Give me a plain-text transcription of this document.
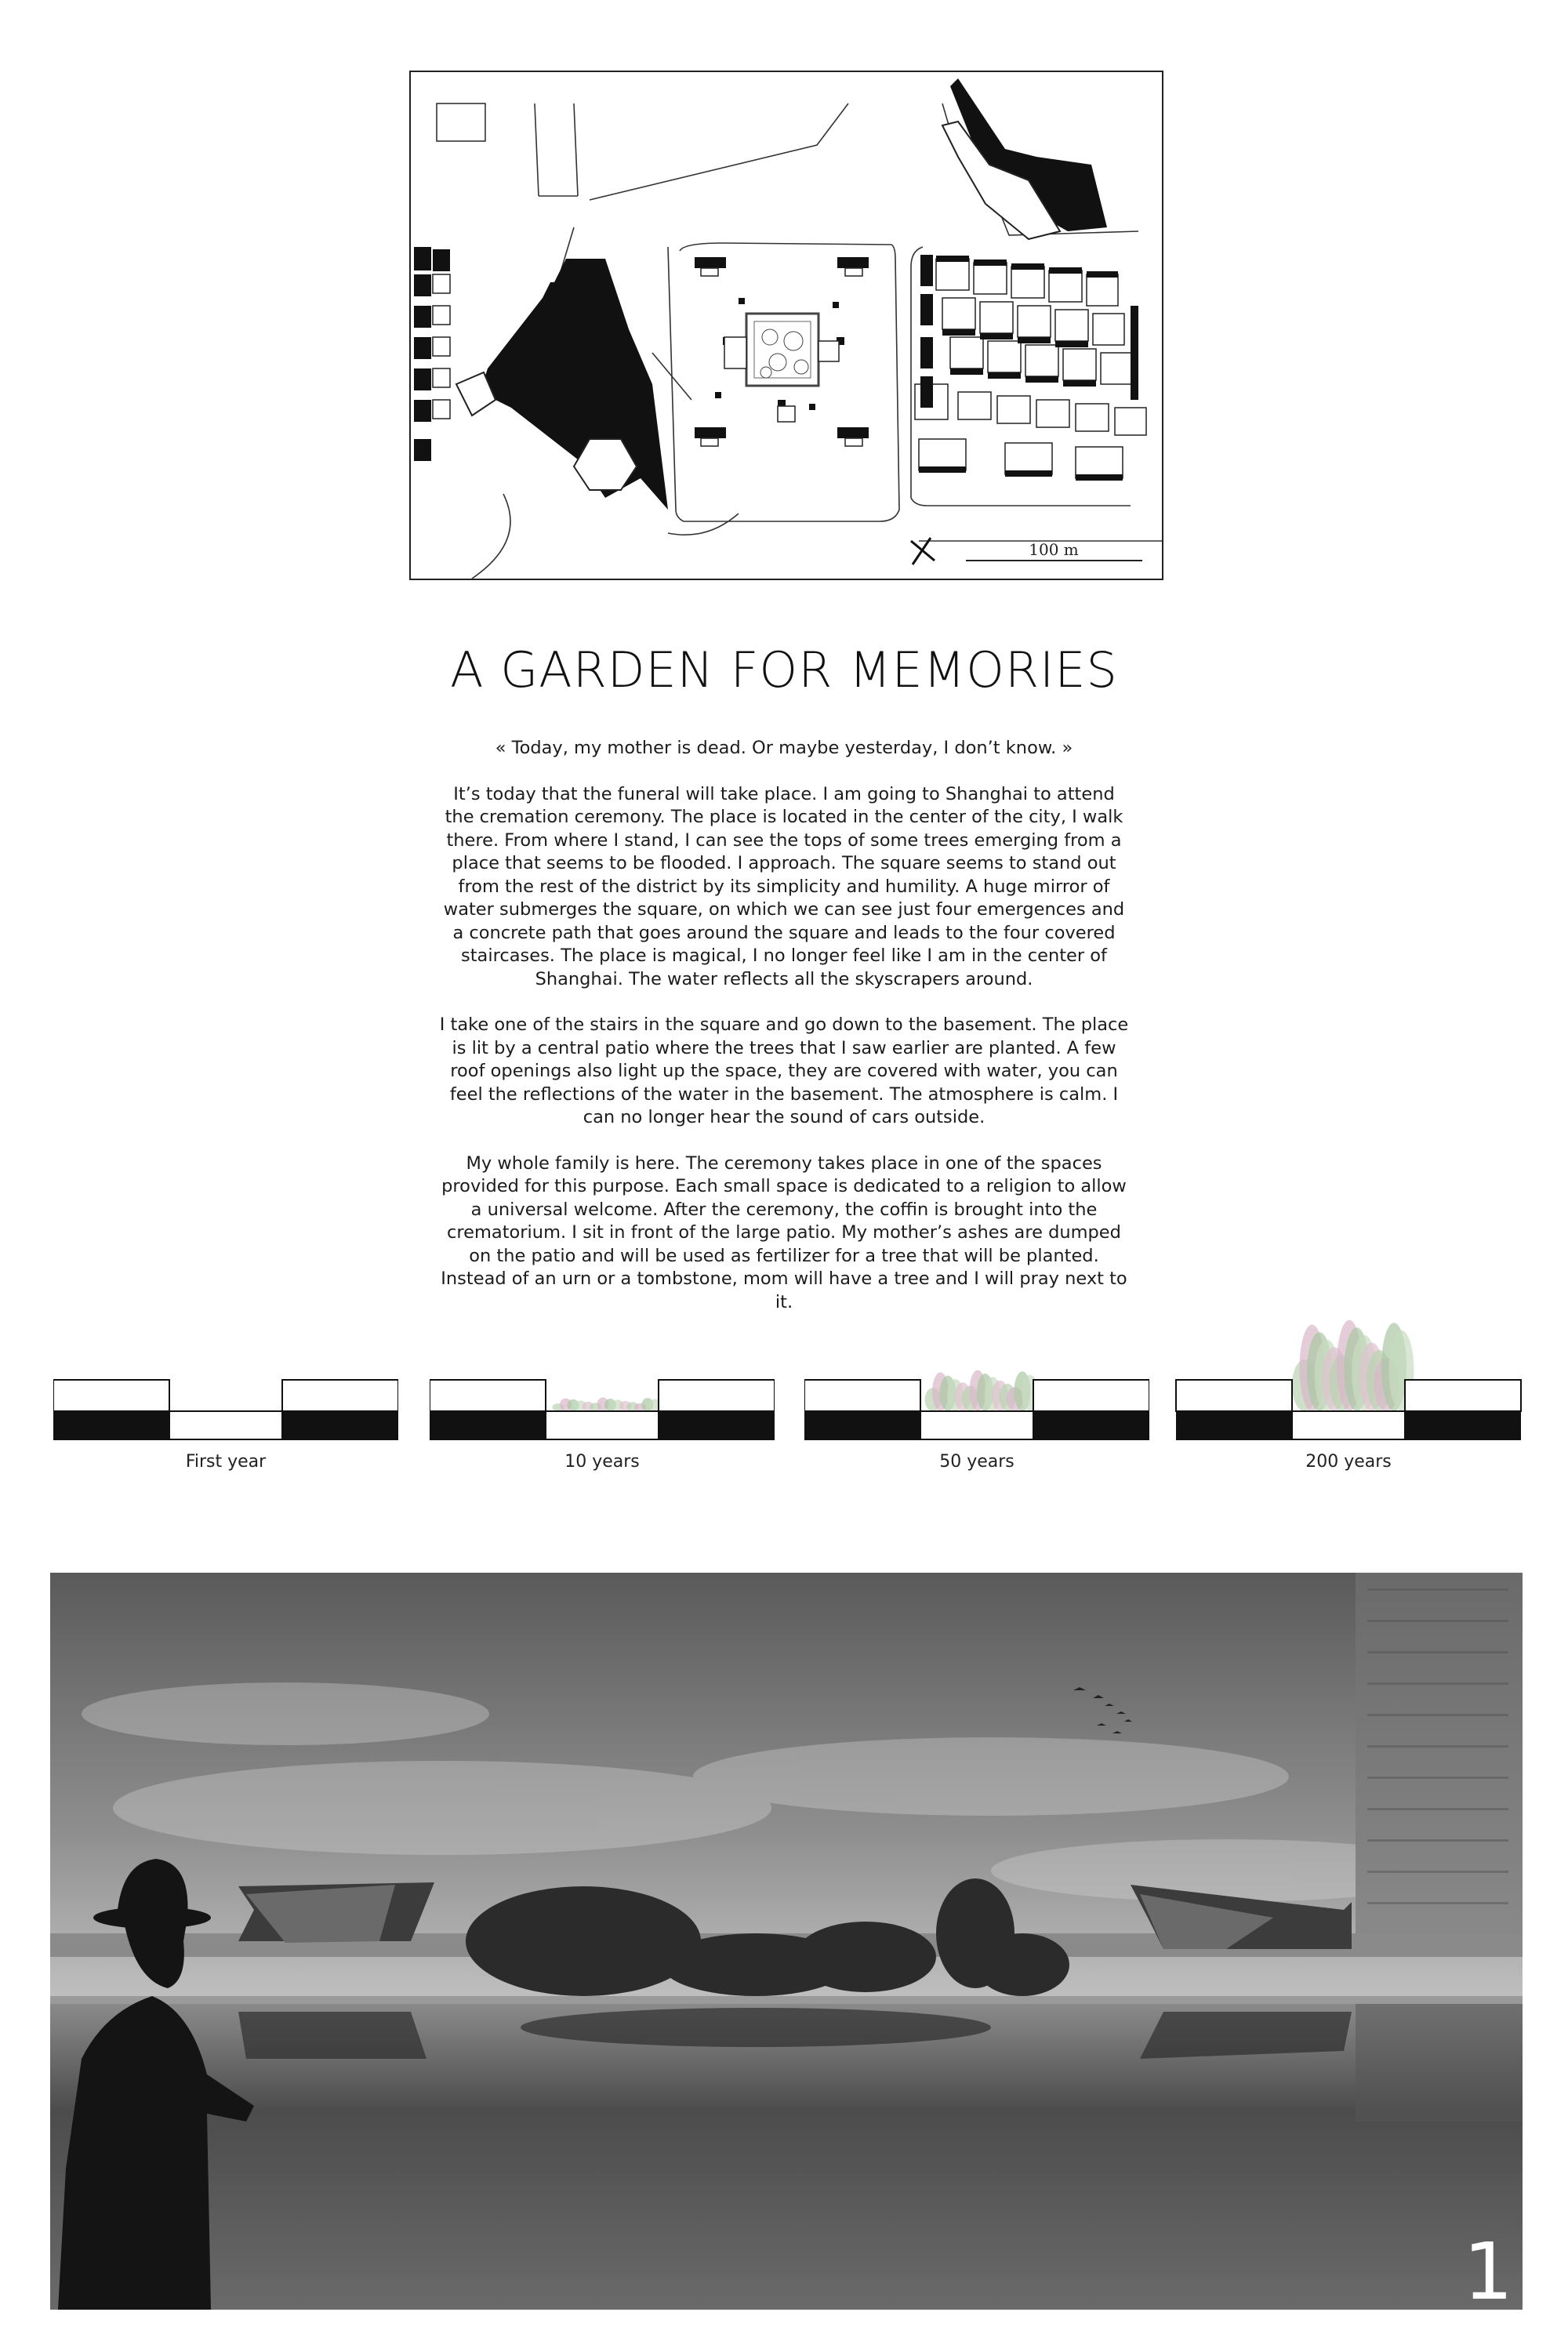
100 m
A GARDEN FOR MEMORIES

« Today, my mother is dead. Or maybe yesterday, I don’t know. »

It’s today that the funeral will take place. I am going to Shanghai to attend the cremation ceremony. The place is located in the center of the city, I walk there. From where I stand, I can see the tops of some trees emerging from a place that seems to be flooded. I approach. The square seems to stand out from the rest of the district by its simplicity and humility. A huge mirror of water submerges the square, on which we can see just four emergences and a concrete path that goes around the square and leads to the four covered staircases. The place is magical, I no longer feel like I am in the center of Shanghai. The water reflects all the skyscrapers around.

I take one of the stairs in the square and go down to the basement. The place is lit by a central patio where the trees that I saw earlier are planted. A few roof openings also light up the space, they are covered with water, you can feel the reflections of the water in the basement. The atmosphere is calm. I can no longer hear the sound of cars outside.

My whole family is here. The ceremony takes place in one of the spaces provided for this purpose. Each small space is dedicated to a religion to allow a universal welcome. After the ceremony, the coffin is brought into the crematorium. I sit in front of the large patio. My mother’s ashes are dumped on the patio and will be used as fertilizer for a tree that will be planted. Instead of an urn or a tombstone, mom will have a tree and I will pray next to it.

First year	10 years	50 years	200 years
1
